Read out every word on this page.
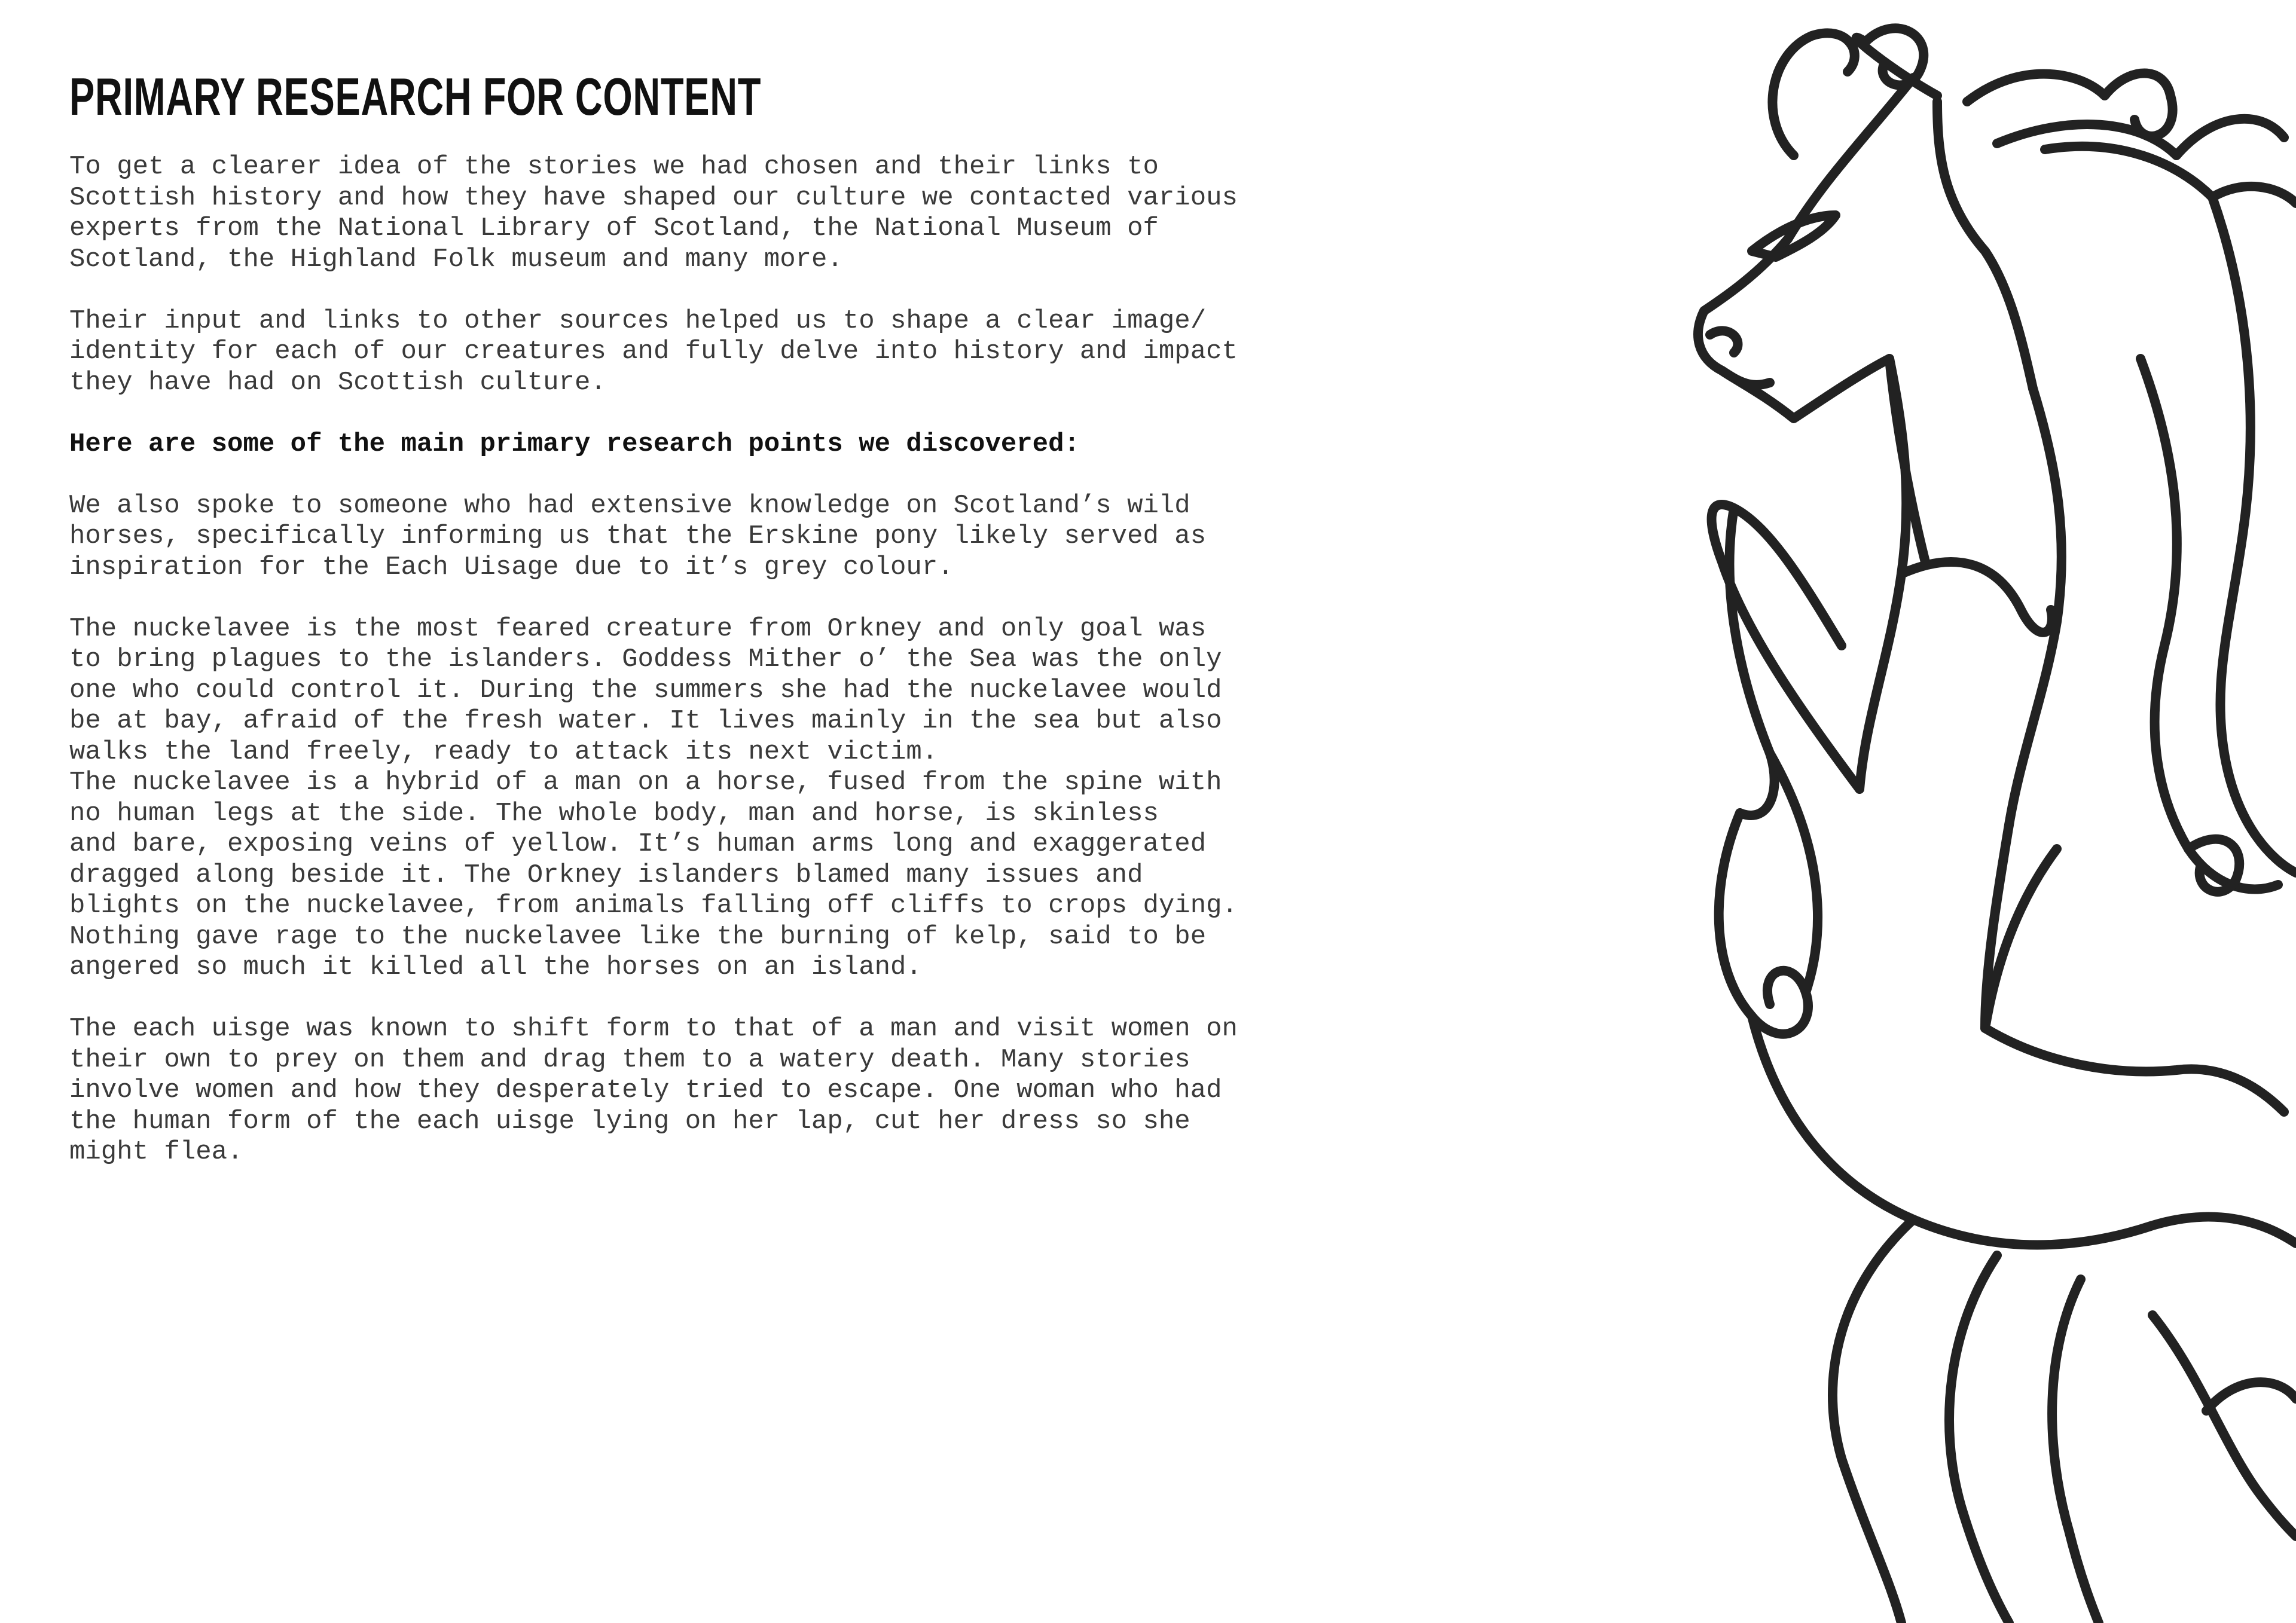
PRIMARY RESEARCH FOR CONTENT

To get a clearer idea of the stories we had chosen and their links to
Scottish history and how they have shaped our culture we contacted various
experts from the National Library of Scotland, the National Museum of
Scotland, the Highland Folk museum and many more.

Their input and links to other sources helped us to shape a clear image/
identity for each of our creatures and fully delve into history and impact
they have had on Scottish culture.

Here are some of the main primary research points we discovered:

We also spoke to someone who had extensive knowledge on Scotland’s wild
horses, specifically informing us that the Erskine pony likely served as
inspiration for the Each Uisage due to it’s grey colour.

The nuckelavee is the most feared creature from Orkney and only goal was
to bring plagues to the islanders. Goddess Mither o’ the Sea was the only
one who could control it. During the summers she had the nuckelavee would
be at bay, afraid of the fresh water. It lives mainly in the sea but also
walks the land freely, ready to attack its next victim.

The nuckelavee is a hybrid of a man on a horse, fused from the spine with
no human legs at the side. The whole body, man and horse, is skinless
and bare, exposing veins of yellow. It’s human arms long and exaggerated
dragged along beside it. The Orkney islanders blamed many issues and
blights on the nuckelavee, from animals falling off cliffs to crops dying.
Nothing gave rage to the nuckelavee like the burning of kelp, said to be
angered so much it killed all the horses on an island.

The each uisge was known to shift form to that of a man and visit women on
their own to prey on them and drag them to a watery death. Many stories
involve women and how they desperately tried to escape. One woman who had
the human form of the each uisge lying on her lap, cut her dress so she
might flea.
